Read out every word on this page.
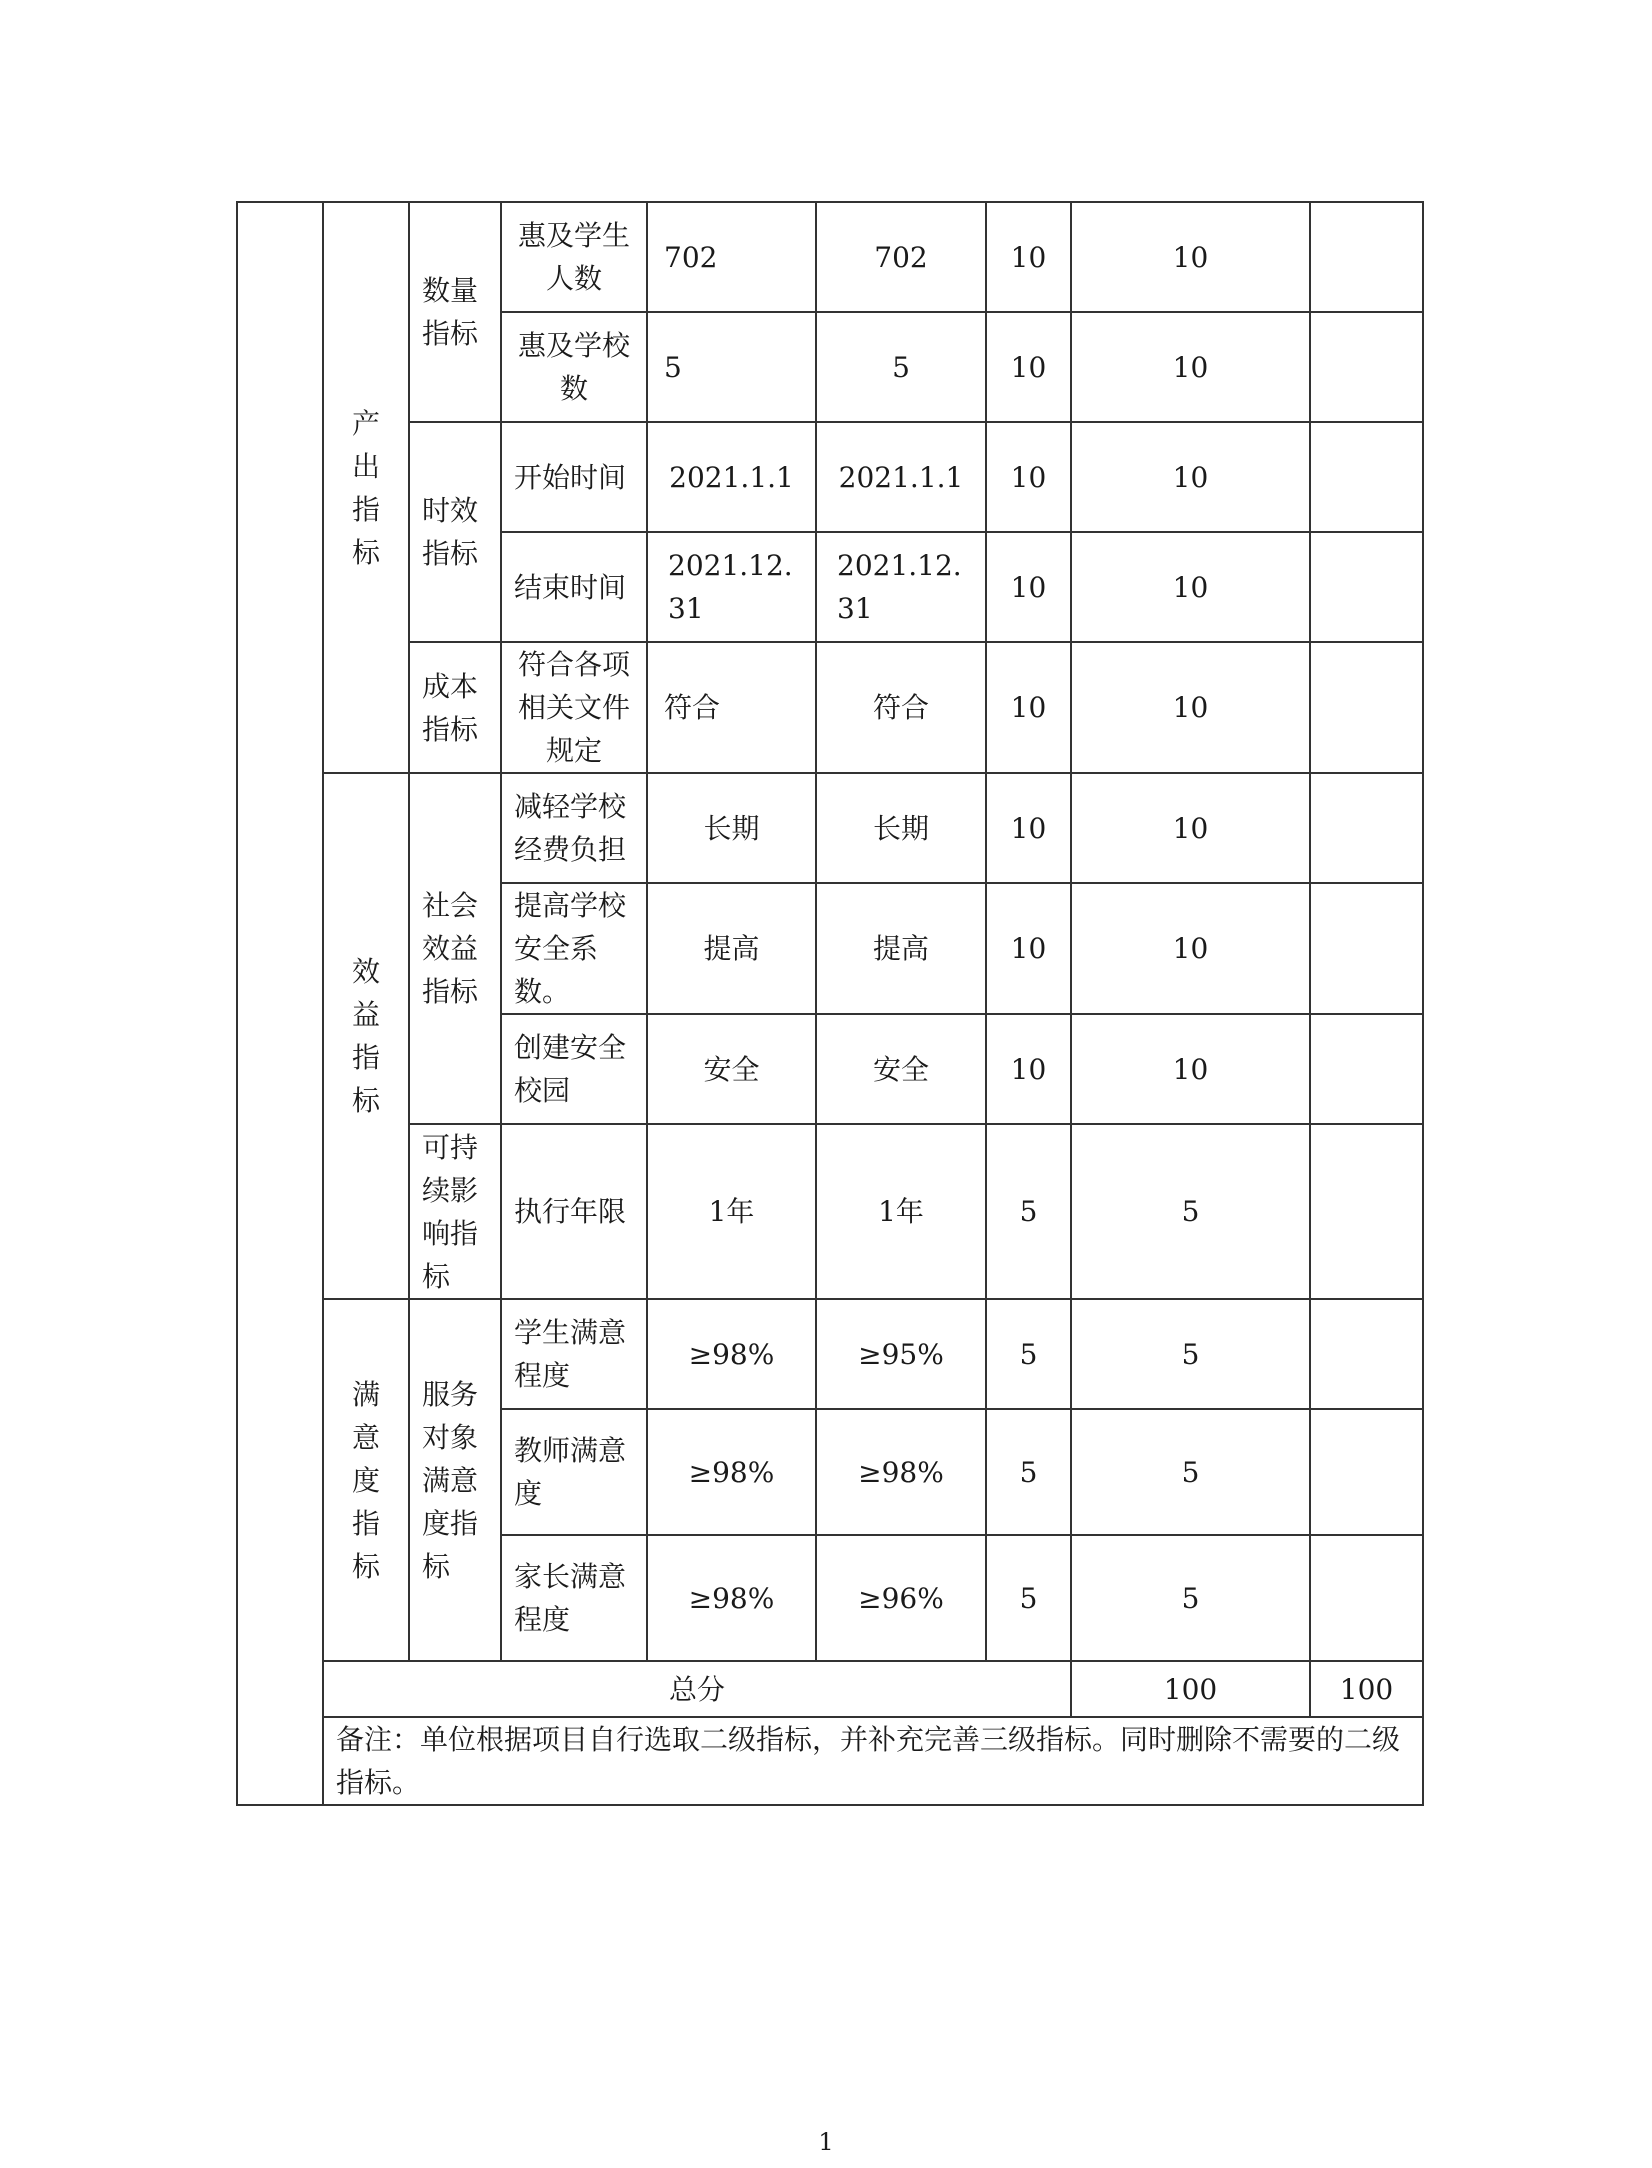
	产出指标	数量指标	惠及学生人数	702	702	10	10		
			惠及学校数	5	5	10	10		
		时效指标	开始时间	2021.1.1	2021.1.1	10	10		
			结束时间	2021.12.31	2021.12.31	10	10		
		成本指标	符合各项相关文件规定	符合	符合	10	10		

	效益指标	社会效益指标	减轻学校经费负担	长期	长期	10	10		
			提高学校安全系数。	提高	提高	10	10		
			创建安全校园	安全	安全	10	10		
		可持续影响指标	执行年限	1年	1年	5	5		

	满意度指标	服务对象满意度指标	学生满意程度	≥98%	≥95%	5	5		
			教师满意度	≥98%	≥98%	5	5		
			家长满意程度	≥98%	≥96%	5	5		
	总分						100	100	
	备注：单位根据项目自行选取二级指标，并补充完善三级指标。同时删除不需要的二级指标。								
1
